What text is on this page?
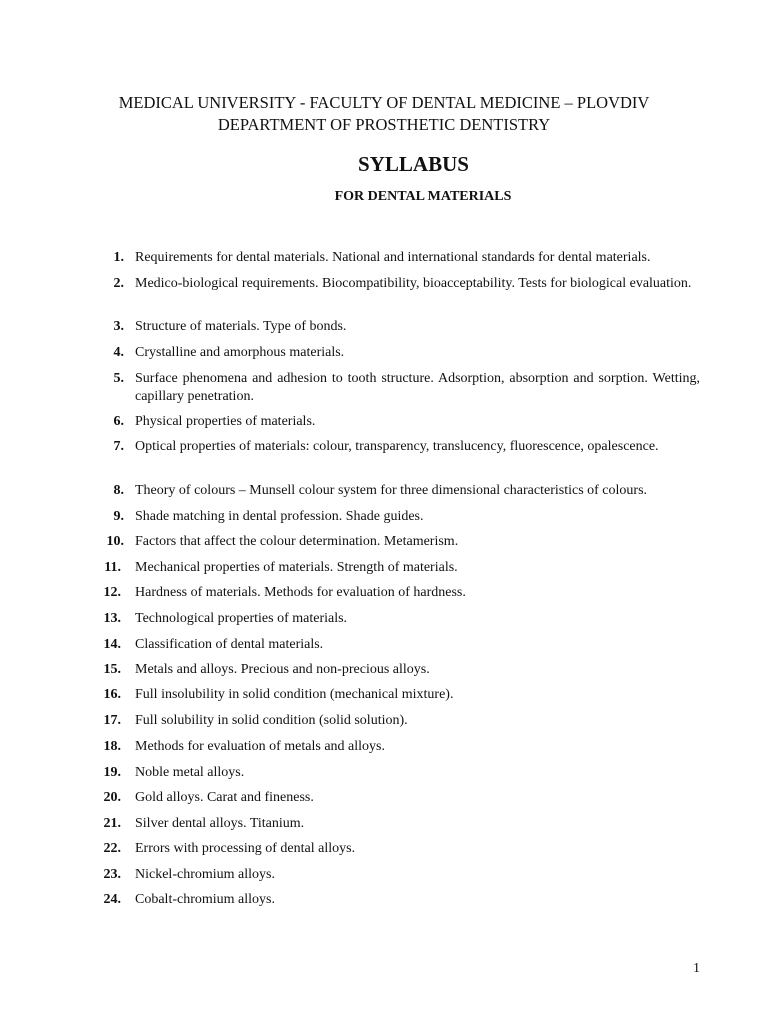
MEDICAL UNIVERSITY - FACULTY OF DENTAL MEDICINE – PLOVDIV
DEPARTMENT OF PROSTHETIC DENTISTRY
SYLLABUS
FOR DENTAL MATERIALS
1. Requirements for dental materials. National and international standards for dental materials.
2. Medico-biological requirements. Biocompatibility, bioacceptability. Tests for biological evaluation.
3. Structure of materials. Type of bonds.
4. Crystalline and amorphous materials.
5. Surface phenomena and adhesion to tooth structure. Adsorption, absorption and sorption. Wetting, capillary penetration.
6. Physical properties of materials.
7. Optical properties of materials: colour, transparency, translucency, fluorescence, opalescence.
8. Theory of colours – Munsell colour system for three dimensional characteristics of colours.
9. Shade matching in dental profession. Shade guides.
10. Factors that affect the colour determination. Metamerism.
11. Mechanical properties of materials. Strength of materials.
12. Hardness of materials. Methods for evaluation of hardness.
13. Technological properties of materials.
14. Classification of dental materials.
15. Metals and alloys. Precious and non-precious alloys.
16. Full insolubility in solid condition (mechanical mixture).
17. Full solubility in solid condition (solid solution).
18. Methods for evaluation of metals and alloys.
19. Noble metal alloys.
20. Gold alloys. Carat and fineness.
21. Silver dental alloys. Titanium.
22. Errors with processing of dental alloys.
23. Nickel-chromium alloys.
24. Cobalt-chromium alloys.
1
